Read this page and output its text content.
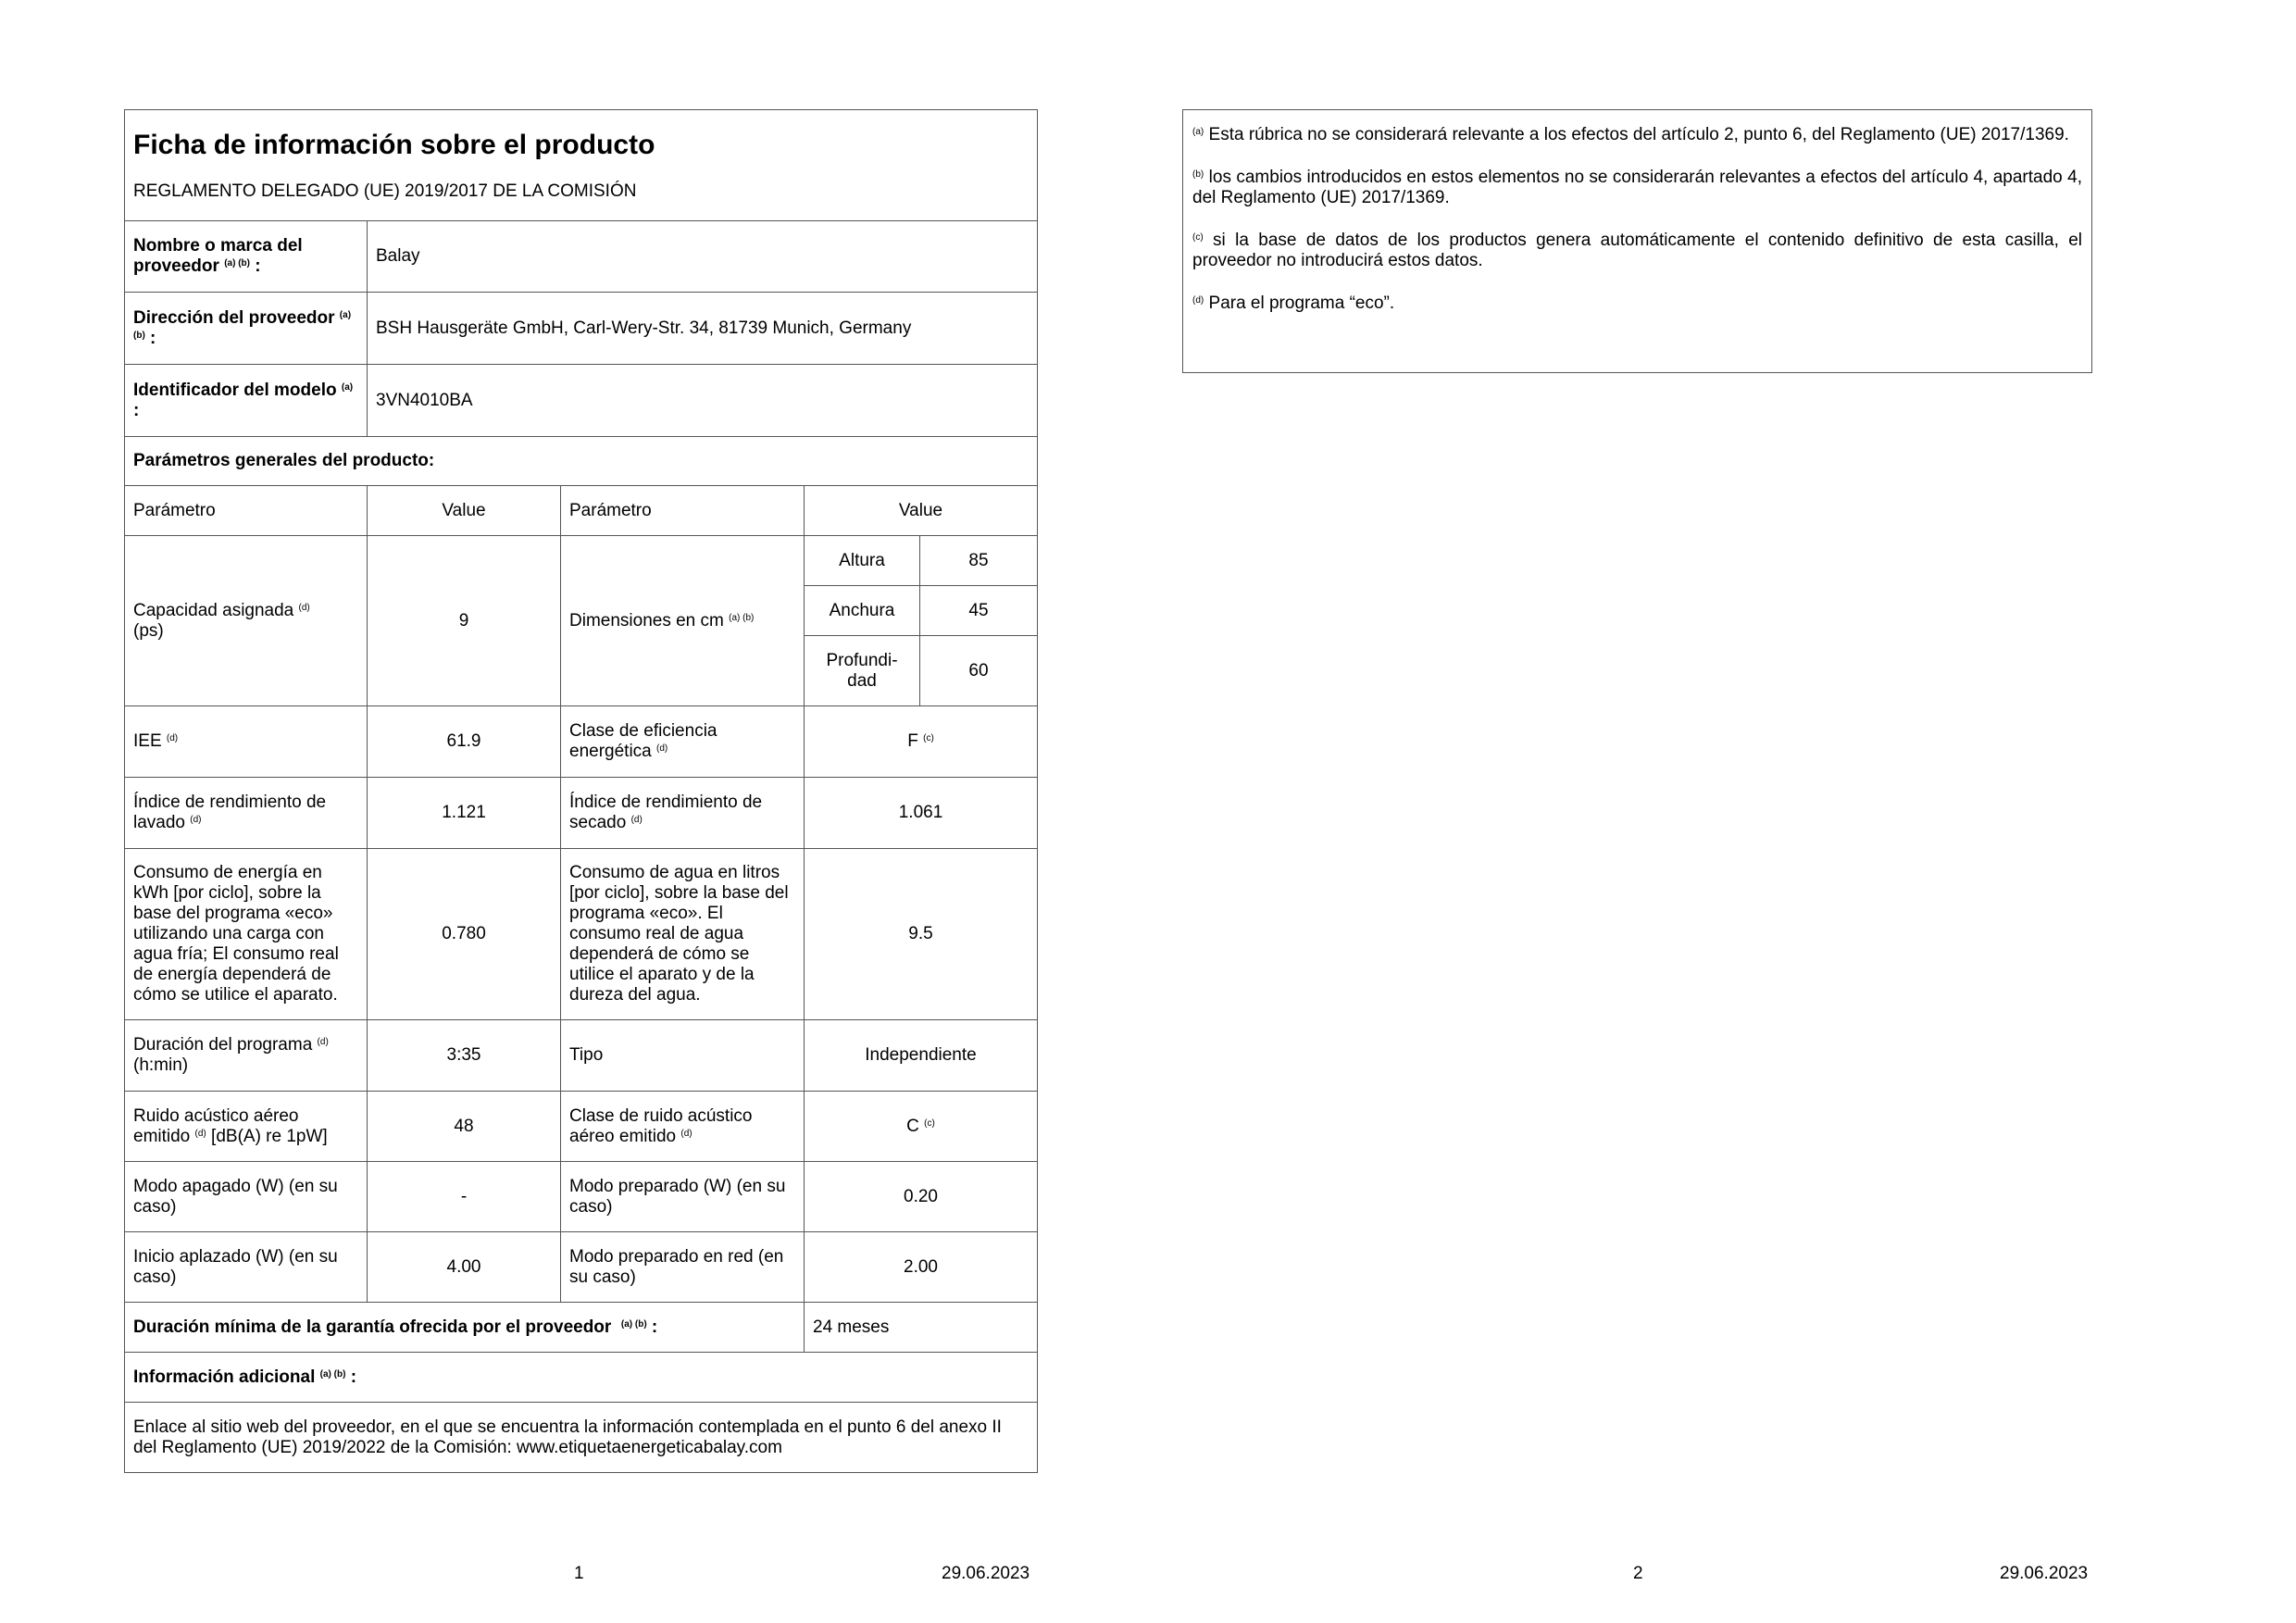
Ficha de información sobre el producto
REGLAMENTO DELEGADO (UE) 2019/2017 DE LA COMISIÓN				

Nombre o marca del proveedor $^{(a) (b)}$ :	Balay			
Dirección del proveedor $^{(a) (b)}$ :	BSH Hausgeräte GmbH, Carl-Wery-Str. 34, 81739 Munich, Germany			
Identificador del modelo $^{(a)}$ :	3VN4010BA			
Parámetros generales del producto:				
Parámetro	Value	Parámetro	Value	
Capacidad asignada $^{(d)}$
(ps)	9	Dimensiones en cm $^{(a) (b)}$	Altura	85
			Anchura	45
			Profundi-dad	60
IEE $^{(d)}$	61.9	Clase de eficiencia energética $^{(d)}$	F $^{(c)}$
Índice de rendimiento de lavado $^{(d)}$	1.121	Índice de rendimiento de secado $^{(d)}$	1.061	
Consumo de energía en kWh [por ciclo], sobre la base del programa «eco» utilizando una carga con agua fría; El consumo real de energía dependerá de cómo se utilice el aparato.	0.780	Consumo de agua en litros [por ciclo], sobre la base del programa «eco». El consumo real de agua dependerá de cómo se utilice el aparato y de la dureza del agua.	9.5	
Duración del programa $^{(d)}$
(h:min)	3:35	Tipo	Independiente	
Ruido acústico aéreo emitido $^{(d)}$ [dB(A) re 1pW]	48	Clase de ruido acústico aéreo emitido $^{(d)}$	C $^{(c)}$
Modo apagado (W) (en su caso)	-	Modo preparado (W) (en su caso)	0.20	
Inicio aplazado (W) (en su caso)	4.00	Modo preparado en red (en su caso)	2.00	
Duración mínima de la garantía ofrecida por el proveedor $^{(a) (b)}$ :			24 meses	
Información adicional $^{(a) (b)}$ :				
Enlace al sitio web del proveedor, en el que se encuentra la información contemplada en el punto 6 del anexo II del Reglamento (UE) 2019/2022 de la Comisión: www.etiquetaenergeticabalay.com				
1	29.06.2023

$^{(a)}$ Esta rúbrica no se considerará relevante a los efectos del artículo 2, punto 6, del Reglamento (UE) 2017/1369.

$^{(b)}$ los cambios introducidos en estos elementos no se considerarán relevantes a efectos del artículo 4, apartado 4, del Reglamento (UE) 2017/1369.

$^{(c)}$ si la base de datos de los productos genera automáticamente el contenido definitivo de esta casilla, el proveedor no introducirá estos datos.

$^{(d)}$ Para el programa “eco”.

2	29.06.2023
